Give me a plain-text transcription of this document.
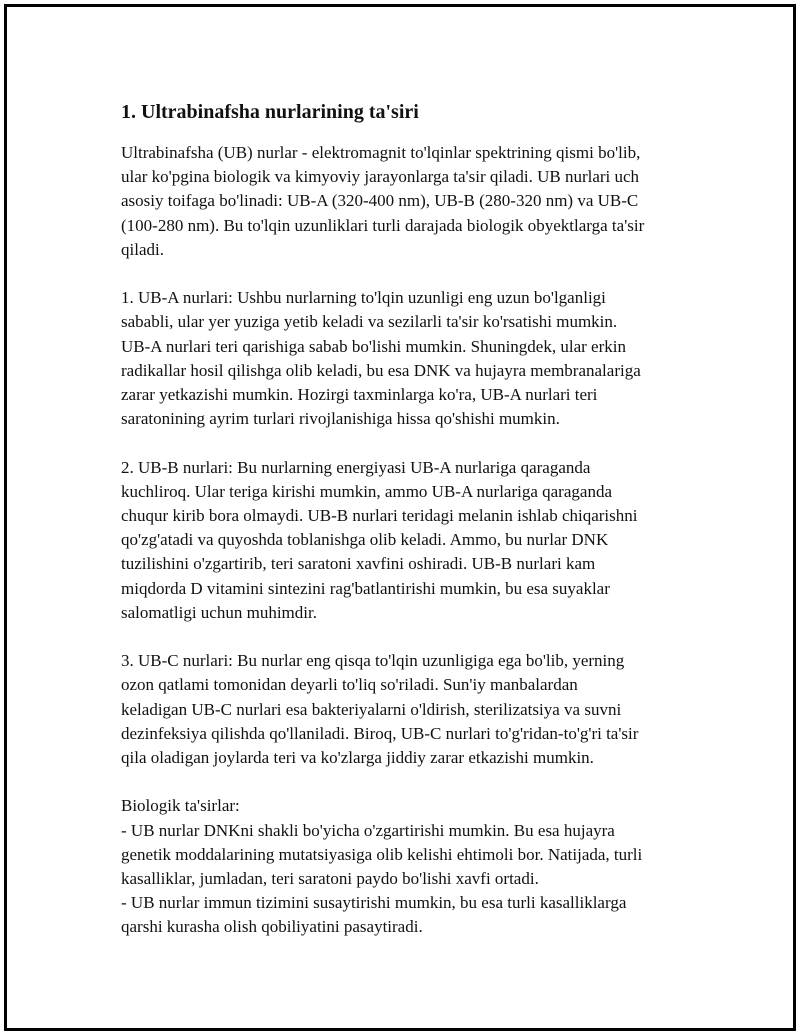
1. Ultrabinafsha nurlarining ta'siri

Ultrabinafsha (UB) nurlar - elektromagnit to'lqinlar spektrining qismi bo'lib,
ular ko'pgina biologik va kimyoviy jarayonlarga ta'sir qiladi. UB nurlari uch
asosiy toifaga bo'linadi: UB-A (320-400 nm), UB-B (280-320 nm) va UB-C
(100-280 nm). Bu to'lqin uzunliklari turli darajada biologik obyektlarga ta'sir
qiladi.

1. UB-A nurlari: Ushbu nurlarning to'lqin uzunligi eng uzun bo'lganligi
sababli, ular yer yuziga yetib keladi va sezilarli ta'sir ko'rsatishi mumkin.
UB-A nurlari teri qarishiga sabab bo'lishi mumkin. Shuningdek, ular erkin
radikallar hosil qilishga olib keladi, bu esa DNK va hujayra membranalariga
zarar yetkazishi mumkin. Hozirgi taxminlarga ko'ra, UB-A nurlari teri
saratonining ayrim turlari rivojlanishiga hissa qo'shishi mumkin.

2. UB-B nurlari: Bu nurlarning energiyasi UB-A nurlariga qaraganda
kuchliroq. Ular teriga kirishi mumkin, ammo UB-A nurlariga qaraganda
chuqur kirib bora olmaydi. UB-B nurlari teridagi melanin ishlab chiqarishni
qo'zg'atadi va quyoshda toblanishga olib keladi. Ammo, bu nurlar DNK
tuzilishini o'zgartirib, teri saratoni xavfini oshiradi. UB-B nurlari kam
miqdorda D vitamini sintezini rag'batlantirishi mumkin, bu esa suyaklar
salomatligi uchun muhimdir.

3. UB-C nurlari: Bu nurlar eng qisqa to'lqin uzunligiga ega bo'lib, yerning
ozon qatlami tomonidan deyarli to'liq so'riladi. Sun'iy manbalardan
keladigan UB-C nurlari esa bakteriyalarni o'ldirish, sterilizatsiya va suvni
dezinfeksiya qilishda qo'llaniladi. Biroq, UB-C nurlari to'g'ridan-to'g'ri ta'sir
qila oladigan joylarda teri va ko'zlarga jiddiy zarar etkazishi mumkin.

Biologik ta'sirlar:
- UB nurlar DNKni shakli bo'yicha o'zgartirishi mumkin. Bu esa hujayra
genetik moddalarining mutatsiyasiga olib kelishi ehtimoli bor. Natijada, turli
kasalliklar, jumladan, teri saratoni paydo bo'lishi xavfi ortadi.
- UB nurlar immun tizimini susaytirishi mumkin, bu esa turli kasalliklarga
qarshi kurasha olish qobiliyatini pasaytiradi.
